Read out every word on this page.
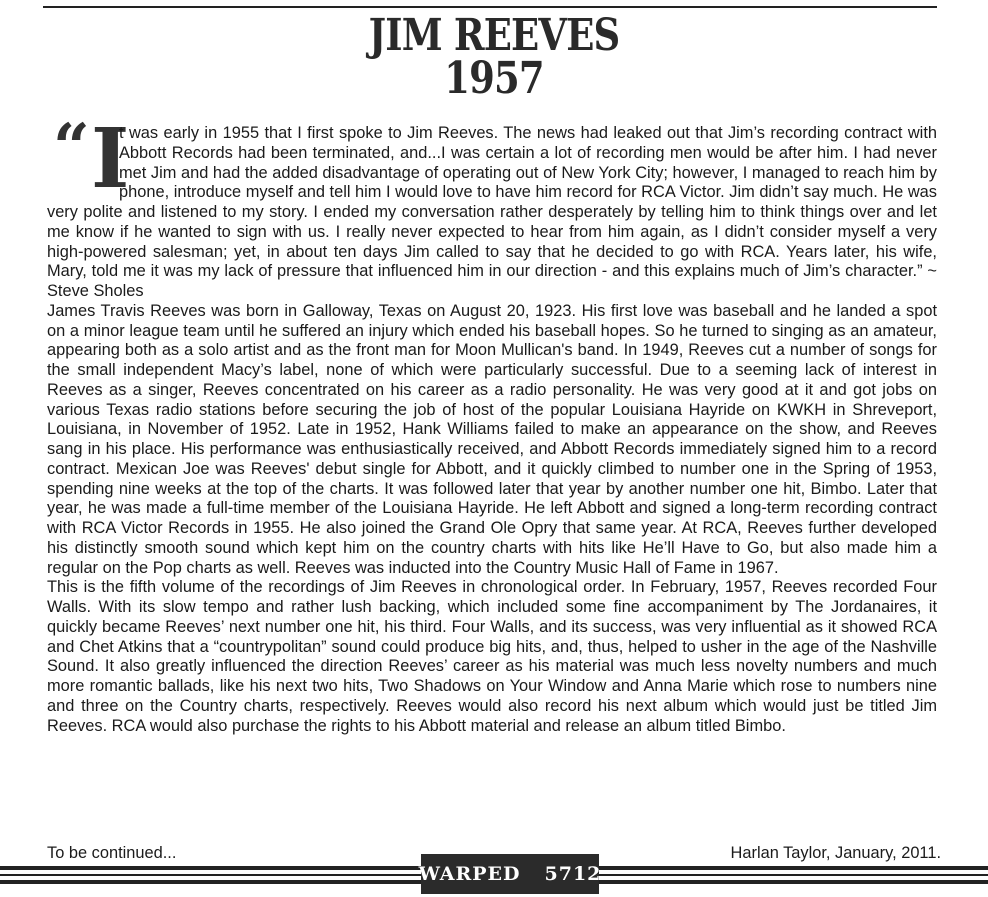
JIM REEVES
1957
“ I

t was early in 1955 that I first spoke to Jim Reeves. The news had leaked out that Jim’s recording contract with Abbott Records had been terminated, and...I was certain a lot of recording men would be after him. I had never met Jim and had the added disadvantage of operating out of New York City; however, I managed to reach him by phone, introduce myself and tell him I would love to have him record for RCA Victor. Jim didn’t say much. He was very polite and listened to my story. I ended my conversation rather desperately by telling him to think things over and let me know if he wanted to sign with us. I really never expected to hear from him again, as I didn’t consider myself a very high-powered salesman; yet, in about ten days Jim called to say that he decided to go with RCA. Years later, his wife, Mary, told me it was my lack of pressure that influenced him in our direction - and this explains much of Jim’s character.” ~ Steve Sholes

James Travis Reeves was born in Galloway, Texas on August 20, 1923. His first love was baseball and he landed a spot on a minor league team until he suffered an injury which ended his baseball hopes. So he turned to singing as an amateur, appearing both as a solo artist and as the front man for Moon Mullican's band. In 1949, Reeves cut a number of songs for the small independent Macy’s label, none of which were particularly successful. Due to a seeming lack of interest in Reeves as a singer, Reeves concentrated on his career as a radio personality. He was very good at it and got jobs on various Texas radio stations before securing the job of host of the popular Louisiana Hayride on KWKH in Shreveport, Louisiana, in November of 1952. Late in 1952, Hank Williams failed to make an appearance on the show, and Reeves sang in his place. His performance was enthusiastically received, and Abbott Records immediately signed him to a record contract. Mexican Joe was Reeves' debut single for Abbott, and it quickly climbed to number one in the Spring of 1953, spending nine weeks at the top of the charts. It was followed later that year by another number one hit, Bimbo. Later that year, he was made a full-time member of the Louisiana Hayride. He left Abbott and signed a long-term recording contract with RCA Victor Records in 1955. He also joined the Grand Ole Opry that same year. At RCA, Reeves further developed his distinctly smooth sound which kept him on the country charts with hits like He’ll Have to Go, but also made him a regular on the Pop charts as well. Reeves was inducted into the Country Music Hall of Fame in 1967.

This is the fifth volume of the recordings of Jim Reeves in chronological order. In February, 1957, Reeves recorded Four Walls. With its slow tempo and rather lush backing, which included some fine accompaniment by The Jordanaires, it quickly became Reeves’ next number one hit, his third. Four Walls, and its success, was very influential as it showed RCA and Chet Atkins that a “countrypolitan” sound could produce big hits, and, thus, helped to usher in the age of the Nashville Sound. It also greatly influenced the direction Reeves’ career as his material was much less novelty numbers and much more romantic ballads, like his next two hits, Two Shadows on Your Window and Anna Marie which rose to numbers nine and three on the Country charts, respectively. Reeves would also record his next album which would just be titled Jim Reeves. RCA would also purchase the rights to his Abbott material and release an album titled Bimbo.

To be continued...	Harlan Taylor, January, 2011.
WARPED 5712
